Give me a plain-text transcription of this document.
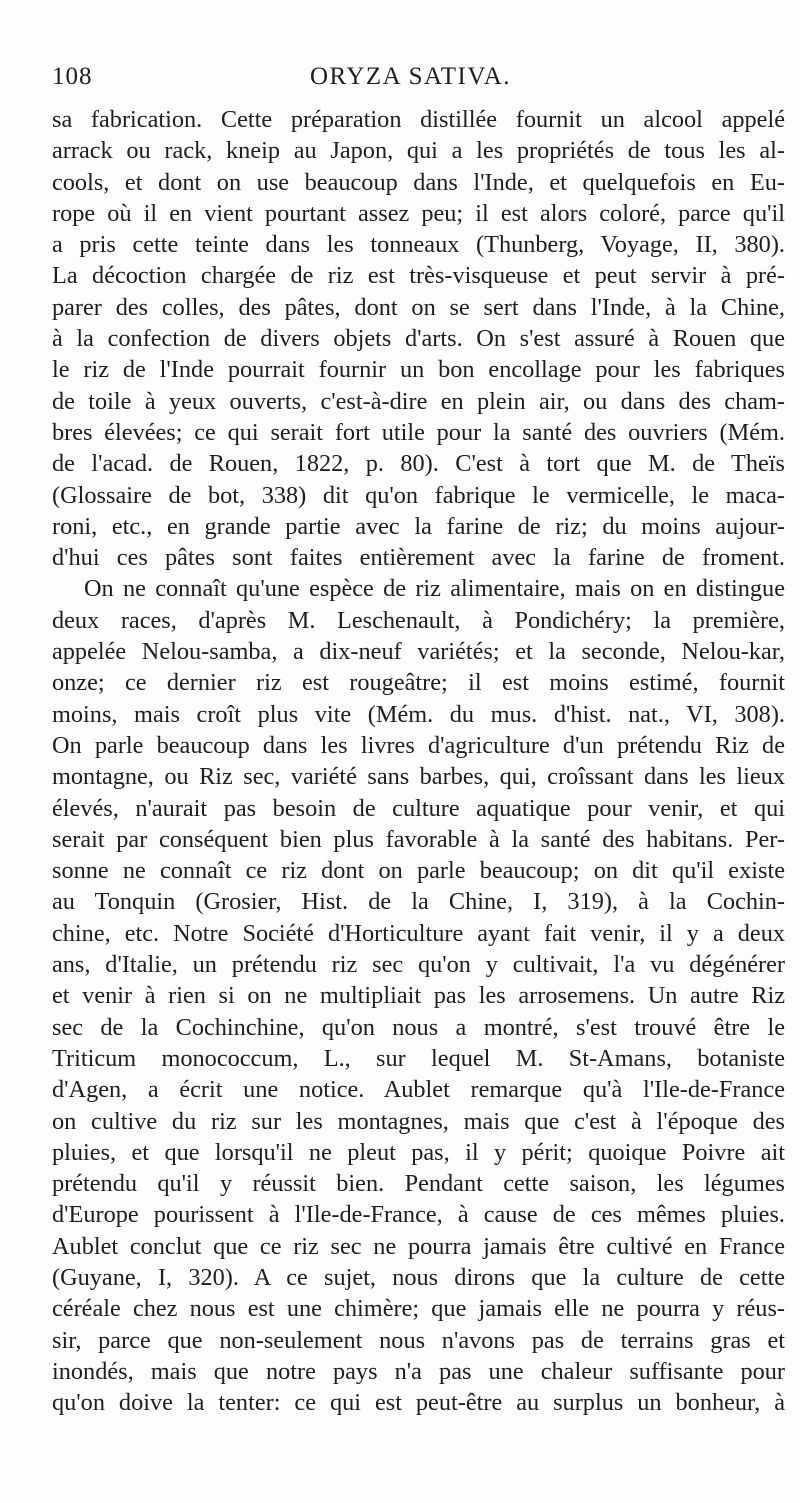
108	ORYZA SATIVA.
sa fabrication. Cette préparation distillée fournit un alcool appelé
arrack ou rack, kneip au Japon, qui a les propriétés de tous les al-
cools, et dont on use beaucoup dans l'Inde, et quelquefois en Eu-
rope où il en vient pourtant assez peu; il est alors coloré, parce qu'il
a pris cette teinte dans les tonneaux (Thunberg, Voyage, II, 380).
La décoction chargée de riz est très-visqueuse et peut servir à pré-
parer des colles, des pâtes, dont on se sert dans l'Inde, à la Chine,
à la confection de divers objets d'arts. On s'est assuré à Rouen que
le riz de l'Inde pourrait fournir un bon encollage pour les fabriques
de toile à yeux ouverts, c'est-à-dire en plein air, ou dans des cham-
bres élevées; ce qui serait fort utile pour la santé des ouvriers (Mém.
de l'acad. de Rouen, 1822, p. 80). C'est à tort que M. de Theïs
(Glossaire de bot, 338) dit qu'on fabrique le vermicelle, le maca-
roni, etc., en grande partie avec la farine de riz; du moins aujour-
d'hui ces pâtes sont faites entièrement avec la farine de froment.
On ne connaît qu'une espèce de riz alimentaire, mais on en distingue
deux races, d'après M. Leschenault, à Pondichéry; la première,
appelée Nelou-samba, a dix-neuf variétés; et la seconde, Nelou-kar,
onze; ce dernier riz est rougeâtre; il est moins estimé, fournit
moins, mais croît plus vite (Mém. du mus. d'hist. nat., VI, 308).
On parle beaucoup dans les livres d'agriculture d'un prétendu Riz de
montagne, ou Riz sec, variété sans barbes, qui, croîssant dans les lieux
élevés, n'aurait pas besoin de culture aquatique pour venir, et qui
serait par conséquent bien plus favorable à la santé des habitans. Per-
sonne ne connaît ce riz dont on parle beaucoup; on dit qu'il existe
au Tonquin (Grosier, Hist. de la Chine, I, 319), à la Cochin-
chine, etc. Notre Société d'Horticulture ayant fait venir, il y a deux
ans, d'Italie, un prétendu riz sec qu'on y cultivait, l'a vu dégénérer
et venir à rien si on ne multipliait pas les arrosemens. Un autre Riz
sec de la Cochinchine, qu'on nous a montré, s'est trouvé être le
Triticum monococcum, L., sur lequel M. St-Amans, botaniste
d'Agen, a écrit une notice. Aublet remarque qu'à l'Ile-de-France
on cultive du riz sur les montagnes, mais que c'est à l'époque des
pluies, et que lorsqu'il ne pleut pas, il y périt; quoique Poivre ait
prétendu qu'il y réussit bien. Pendant cette saison, les légumes
d'Europe pourissent à l'Ile-de-France, à cause de ces mêmes pluies.
Aublet conclut que ce riz sec ne pourra jamais être cultivé en France
(Guyane, I, 320). A ce sujet, nous dirons que la culture de cette
céréale chez nous est une chimère; que jamais elle ne pourra y réus-
sir, parce que non-seulement nous n'avons pas de terrains gras et
inondés, mais que notre pays n'a pas une chaleur suffisante pour
qu'on doive la tenter: ce qui est peut-être au surplus un bonheur, à
